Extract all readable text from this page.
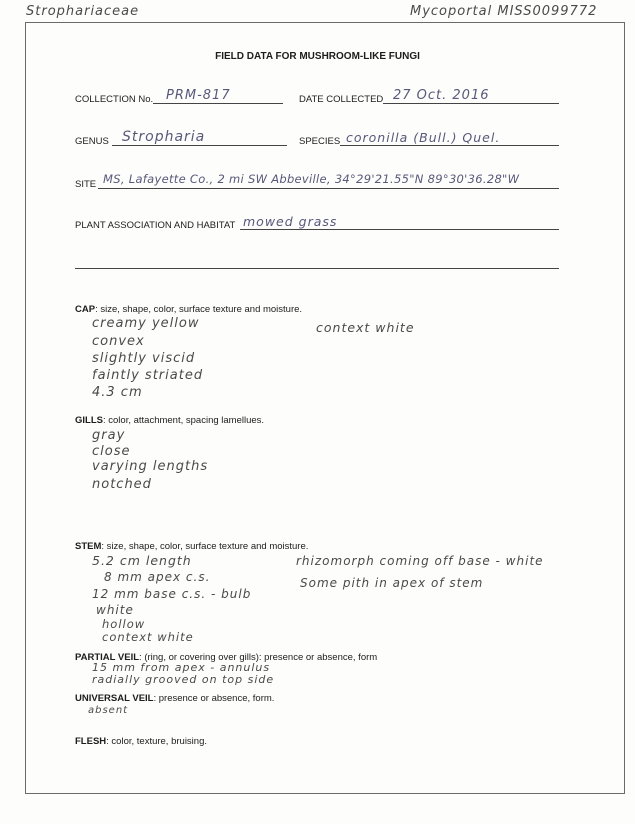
Strophariaceae	Mycoportal MISS0099772
FIELD DATA FOR MUSHROOM-LIKE FUNGI
COLLECTION No. PRM-817	DATE COLLECTED 27 Oct. 2016
GENUS Stropharia	SPECIES coronilla (Bull.) Quel.
SITE MS, Lafayette Co., 2 mi SW Abbeville, 34°29'21.55"N 89°30'36.28"W
PLANT ASSOCIATION AND HABITAT mowed grass
CAP: size, shape, color, surface texture and moisture.
creamy yellow
convex
slightly viscid
faintly striated
4.3 cm
context white
GILLS: color, attachment, spacing lamellues.
gray
close
varying lengths
notched
STEM: size, shape, color, surface texture and moisture.
5.2 cm length
8 mm apex c.s.
12 mm base c.s. - bulb
white
hollow
context white
rhizomorph coming off base - white
Some pith in apex of stem
PARTIAL VEIL: (ring, or covering over gills): presence or absence, form
15 mm from apex - annulus
radially grooved on top side
UNIVERSAL VEIL: presence or absence, form.
absent
FLESH: color, texture, bruising.
